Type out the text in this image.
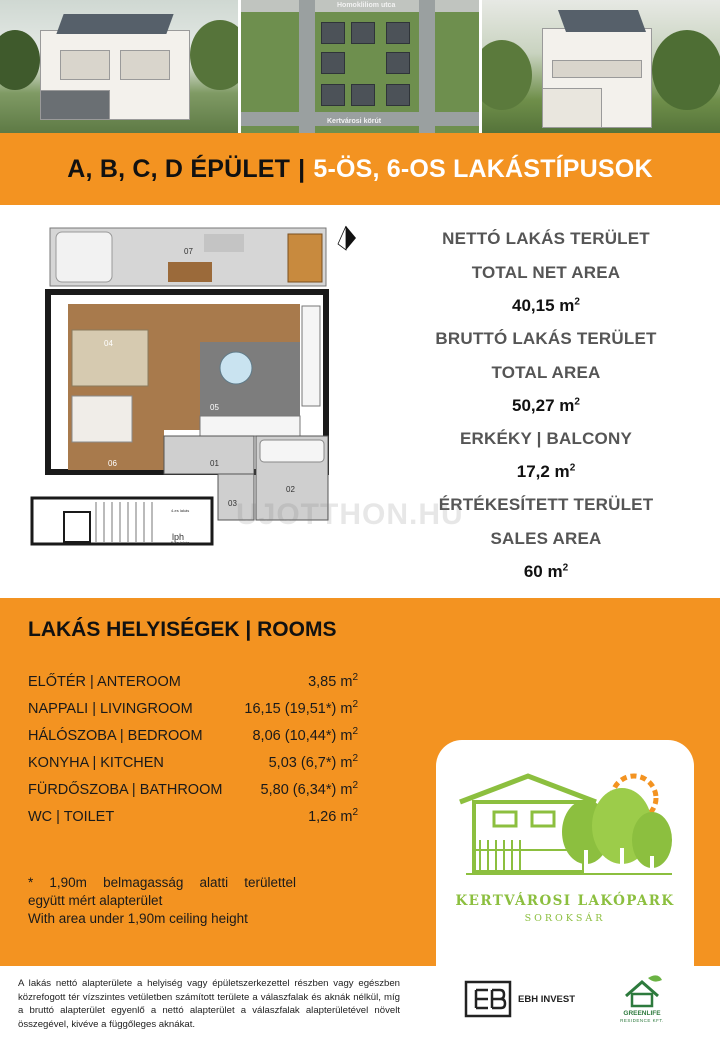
Homokliliom utca
Kertvárosi körút
A, B, C, D ÉPÜLET | 5-ÖS, 6-OS LAKÁSTÍPUSOK
07
04
05
06	01
02
03
4-es lakás
lph
5-ös lakás
NETTÓ LAKÁS TERÜLET
TOTAL NET AREA
40,15 $m^2$
BRUTTÓ LAKÁS TERÜLET
TOTAL AREA
50,27 $m^2$
ERKÉKY | BALCONY
17,2 $m^2$
ÉRTÉKESÍTETT TERÜLET
SALES AREA
60 $m^2$
UJOTTHON.HU
LAKÁS HELYISÉGEK | ROOMS
ELŐTÉR | ANTEROOM	3,85 $m^2$
NAPPALI | LIVINGROOM	16,15 (19,51*) $m^2$
HÁLÓSZOBA | BEDROOM	8,06 (10,44*) $m^2$
KONYHA | KITCHEN	5,03 (6,7*) $m^2$
FÜRDŐSZOBA | BATHROOM	5,80 (6,34*) $m^2$
WC | TOILET	1,26 $m^2$
* 1,90m belmagasság alatti területtel
együtt mért alapterület
With area under 1,90m ceiling height
KERTVÁROSI LAKÓPARK
SOROKSÁR
A lakás nettó alapterülete a helyiség vagy épületszerkezettel részben vagy egészben közrefogott tér vízszintes vetületben számított területe a válaszfalak és aknák nélkül, míg a bruttó alapterület egyenlő a nettó alapterület a válaszfalak alapterületével növelt összegével, kivéve a függőleges aknákat.
EBH INVEST
GREENLIFE
RESIDENCE KFT.
